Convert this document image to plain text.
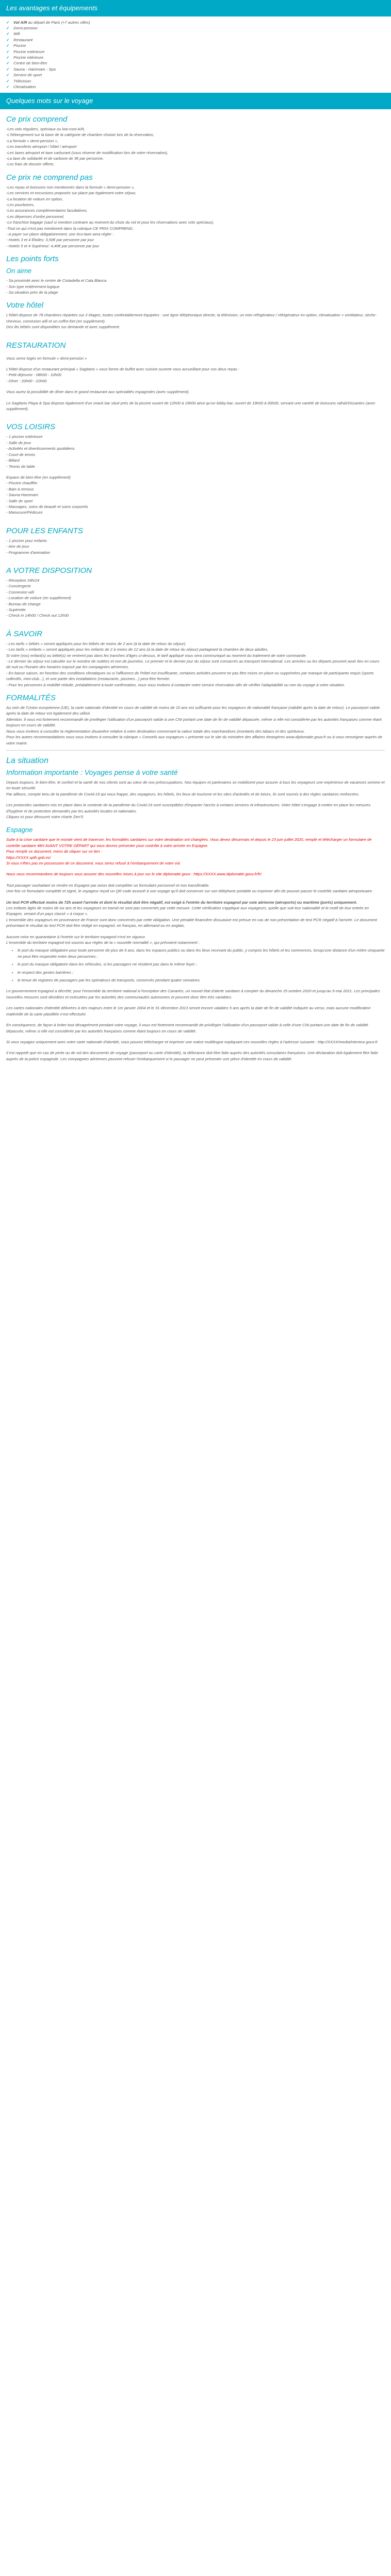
Les avantages et équipements
✓ Vol A/R au départ de Paris (+7 autres villes)
✓ Demi-pension
✓ Wifi
✓ Restaurant
✓ Piscine
✓ Piscine extérieure
✓ Piscine intérieure
✓ Centre de bien-être
✓ Sauna - Hammam - Spa
✓ Service de sport
✓ Télévision
✓ Climatisation
Quelques mots sur le voyage
Ce prix comprend
-Les vols réguliers, spéciaux ou low-cost A/R,
-L'hébergement sur la base de la catégorie de chambre choisie lors de la réservation,
-La formule « demi-pension »,
-Les transferts aéroport / hôtel / aéroport
-Les taxes aéroport et taxe carburant (sous réserve de modification lors de votre réservation),
-La taxe de solidarité et de carbone de 3€ par personne,
-Les frais de dossier offerts.
Ce prix ne comprend pas
-Les repas et boissons non mentionnés dans la formule « demi-pension »,
-Les services et excursions proposés sur place par également votre séjour,
-La location de voiture en option,
-Les pourboires,
-Les assurances complémentaires facultatives,
-Les dépenses d'ordre personnel,
-Le franchise bagage (sauf si mention contraire au moment du choix du vol et pour les réservations avec vols spéciaux),
-Tout ce qui n'est pas mentionné dans la rubrique CE PRIX COMPREND,
- A payer sur place obligatoirement, une éco-taxe aera régler :
- Hotels 3 et 4 Étoiles: 3,50€ par personne par jour
- Hotels 5 et 4 Supérieur: 4,40€ par personne par jour
Les points forts
On aime
- Sa proximité avec le centre de Ciutadella et Cala Blanca
- Son type entièrement logique
- Sa situation près de la plage
Votre hôtel

L'hôtel dispose de 78 chambres réparties sur 2 étages, toutes confortablement équipées : une ligne téléphonique directe, la télévision, un mini réfrigérateur / réfrigérateur en option, climatisation + ventilateur, sèche-cheveux, connexion wifi et un coffre-fort (en supplément).

Des lits bébés sont disponibles sur demande et avec supplément.

RESTAURATION

Vous serez logés en formule « demi-pension »

L'hôtel dispose d'un restaurant principal « Sagitario » sous forme de buffet avec cuisine ouverte vous accueillant pour vos deux repas :
- Petit déjeuner : 08h00 - 10h00
- Dîner : 20h00 - 22h00

Vous aurez la possibilité de dîner dans le grand restaurant aux spécialités espagnoles (avec supplément).

Le Sagitario Playa & Spa dispose également d'un snack bar situé près de la piscine ouvert de 12h00 à 19h00 ainsi qu'un lobby-bar, ouvert de 19h00 à 00h00, servant une variété de boissons rafraîchissantes (avec supplément).

VOS LOISIRS
- 1 piscine extérieure
- Salle de jeux
- Activités et divertissements quotidiens
- Court de tennis
- Billard
- Tennis de table
Espace de bien-être (en supplément)
- Piscine chauffée
- Bain à remous
- Sauna-Hammam
- Salle de sport
- Massages, soins de beauté et soins corporels
- Manucure/Pédicure
POUR LES ENFANTS
- 1 piscine pour enfants
- Aire de jeux
- Programme d'animation
A VOTRE DISPOSITION
- Réception 24h/24
- Conciergerie
- Connexion wifi
- Location de voiture (en supplément)
- Bureau de change
- Supérette
- Check in 14h00 / Check out 12h00
À SAVOIR
- Les tarifs « bébés » seront appliqués pour les bébés de moins de 2 ans (à la date de retour du séjour).
- Les tarifs « enfants » seront appliqués pour les enfants de 2 à moins de 12 ans (à la date de retour du séjour) partageant la chambre de deux adultes.
Si votre (vos) enfant(s) ou bébé(s) ne rentrent pas dans les tranches d'âges ci-dessus, le tarif appliqué vous sera communiqué au moment du traitement de votre commande.
- Le dernier du séjour est calculée sur le nombre de nuitées et non de journées. Le premier et le dernier jour du séjour sont consacrés au transport international. Les arrivées ou les départs peuvent avoir lieu en cours de nuit ou l'horaire des horaires imposé par les compagnies aériennes.
- En basse saison, en fonction des conditions climatiques ou si l'affluence de l'hôtel est insuffisante, certaines activités peuvent ne pas être mises en place ou supprimées par manque de participants requis (sports collectifs, mini-club...), et une partie des installations (restaurants, piscines...) peut être fermée.
- Pour les personnes à mobilité réduite, préalablement à toute confirmation, nous vous invitons à contacter notre service réservation afin de vérifier l'adaptabilité ou non du voyage à votre situation.
FORMALITÉS

Au sein de l'Union européenne (UE), la carte nationale d'identité en cours de validité de moins de 10 ans est suffisante pour les voyageurs de nationalité française (validité après la date de retour). Le passeport valide après la date de retour est également des utilisé.

Attention: Il vous est fortement recommandé de privilégier l'utilisation d'un passeport valide à une CNI portant une date de fin de validité dépassée, même si elle est considérée par les autorités françaises comme étant toujours en cours de validité.

Nous vous invitons à consulter la réglementation douanière relative à votre destination concernant la valeur totale des marchandises (montants des tabacs et des spiritueux.

Pour les autres recommandations nous vous invitons à consulter la rubrique « Conseils aux voyageurs » présente sur le site du ministère des affaires étrangères www.diplomatie.gouv.fr ou à vous renseigner auprès de votre mairie.

La situation
Information importante : Voyages pense à votre santé

Depuis toujours, le bien-être, le confort et la santé de nos clients sont au cœur de nos préoccupations. Nos équipes et partenaires se mobilisent pour assurer à tous les voyageurs une expérience de vacances sereine et en toute sécurité.

Par ailleurs, compte tenu de la pandémie de Covid-19 qui nous frappe, des voyageurs, les hôtels, les lieux de tourisme et les sites d'activités et de loisirs, ils sont soumis à des règles sanitaires renforcées.

Les protocoles sanitaires mis en place dans le contexte de la pandémie du Covid-19 sont susceptibles d'impacter l'accès à certains services et infrastructures. Votre hôtel s'engage à mettre en place les mesures d'hygiène et de protection demandés par les autorités locales et nationales.

Cliquez ici pour découvrir notre charte Zen'S

Espagne

Suite à la crise sanitaire que le monde vient de traverser, les formalités sanitaires sur votre destination ont changées. Vous devez désormais et depuis le 23 juin juillet 2020, remplir et télécharger un formulaire de contrôle sanitaire 48H AVANT VOTRE DÉPART qui vous devrez présenter pour contrôle à votre arrivée en Espagne.

Pour remplir ce document, merci de cliquer sur ce lien :

https://XXXX.spth.gob.es/

Si vous n'êtes pas en possession de ce document, vous serez refusé à l'embarquement de votre vol.

Nous vous recommandons de toujours vous assurer des nouvelles mises à jour sur le site diplomatie.gouv : https://XXXX.www.diplomatie.gouv.fr/fr/

Tout passager souhaitant se rendre en Espagne par avion doit compléter un formulaire personnel et non transférable.

Une fois ce formulaire complété et signé, le voyageur reçoit un QR code associé à son voyage qu'il doit conserver sur son téléphone portable ou imprimer afin de pouvoir passer le contrôle sanitaire aéroportuaire.

Un test PCR effectué moins de 72h avant l'arrivée et dont le résultat doit être négatif, est exigé à l'entrée du territoire espagnol par voie aérienne (aéroports) ou maritime (ports) uniquement.

Les enfants âgés de moins de six ans et les voyageurs en transit ne sont pas concernés par cette mesure. Cette vérification s'applique aux voyageurs, quelle que soit leur nationalité et le motif de leur entrée en Espagne, venant d'un pays classé « à risque ».

L'ensemble des voyageurs en provenance de France sont donc concernés par cette obligation. Une pénalité financière dissuasive est prévue en cas de non présentation de test PCR négatif à l'arrivée. Le document présentant le résultat du test PCR doit être rédigé en espagnol, en français, en allemand ou en anglais.

Aucune mise en quarantaine à l'entrée sur le territoire espagnol n'est en vigueur.

L'ensemble du territoire espagnol est soumis aux règles de la « nouvelle normalité », qui prévoient notamment :

• le port du masque obligatoire pour toute personne de plus de 6 ans, dans les espaces publics ou dans les lieux recevant du public, y compris les hôtels et les commerces, lorsqu'une distance d'un mètre cinquante ne peut être respectée entre deux personnes ;
• le port du masque obligatoire dans les véhicules, si les passagers ne résident pas dans le même foyer ;
• le respect des gestes barrières ;
• le tenue de registres de passagers par les opérateurs de transports, conservés pendant quatre semaines.

Le gouvernement espagnol a décrété, pour l'ensemble du territoire national à l'exception des Canaries, un nouvel état d'alerte sanitaire à compter du dimanche 25 octobre 2020 et jusqu'au 9 mai 2021. Les principales nouvelles mesures sont décidées et exécutées par les autorités des communautés autonomes et peuvent donc être très variables.

Les cartes nationales d'identité délivrées à des majeurs entre le 1er janvier 2004 et le 31 décembre 2013 seront encore valables 5 ans après la date de fin de validité indiquée au verso, mais aucune modification matérielle de la carte plastifiée n'est effectuée.

En conséquence, de façon à éviter tout désagrément pendant votre voyage, il vous est fortement recommandé de privilégier l'utilisation d'un passeport valide à celle d'une CNI portant une date de fin de validité dépassée, même si elle est considérée par les autorités françaises comme étant toujours en cours de validité.

Si vous voyagez uniquement avec votre carte nationale d'identité, vous pouvez télécharger et imprimer une notice multilingue expliquant ces nouvelles règles à l'adresse suivante : http://XXXX/media/interieur.gouv.fr

Il est rappelé que en cas de perte ou de vol des documents de voyage (passeport ou carte d'identité), la délivrance doit être faite auprès des autorités consulaires françaises. Une déclaration doit également être faite auprès de la police espagnole. Les compagnies aériennes peuvent refuser l'embarquement si le passager ne peut présenter une pièce d'identité en cours de validité.
